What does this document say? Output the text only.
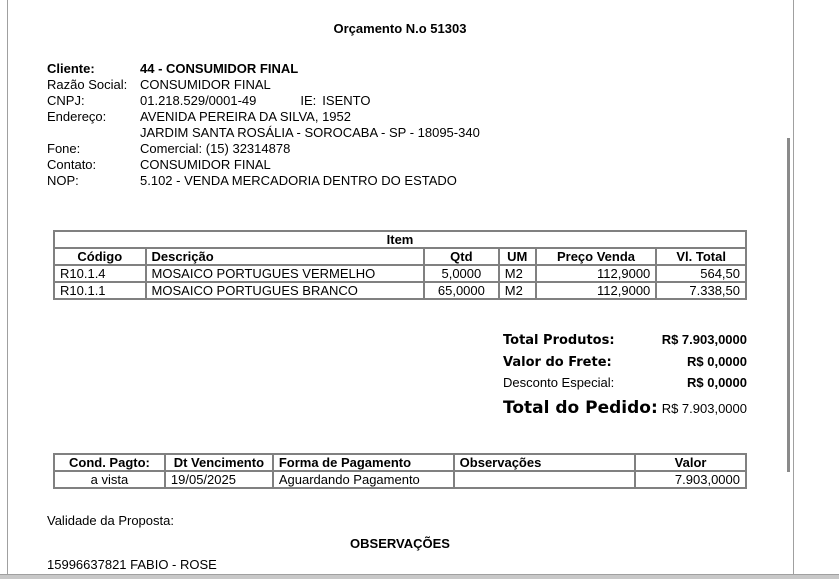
Orçamento N.o 51303
Cliente:	44 - CONSUMIDOR FINAL
Razão Social: CONSUMIDOR FINAL
CNPJ:	01.218.529/0001-49	IE: ISENTO
Endereço:	AVENIDA PEREIRA DA SILVA, 1952
JARDIM SANTA ROSÁLIA - SOROCABA - SP - 18095-340
Fone:	Comercial: (15) 32314878
Contato:	CONSUMIDOR FINAL
NOP:	5.102 - VENDA MERCADORIA DENTRO DO ESTADO
Item					
Código	Descrição	Qtd	UM	Preço Venda	Vl. Total
R10.1.4	MOSAICO PORTUGUES VERMELHO	5,0000	M2	112,9000	564,50
R10.1.1	MOSAICO PORTUGUES BRANCO	65,0000	M2	112,9000	7.338,50
Total Produtos:	R$ 7.903,0000
Valor do Frete:	R$ 0,0000
Desconto Especial:	R$ 0,0000
Total do Pedido: R$ 7.903,0000
Cond. Pagto:	Dt Vencimento	Forma de Pagamento	Observações	Valor
a vista	19/05/2025	Aguardando Pagamento		7.903,0000
Validade da Proposta:
OBSERVAÇÕES
15996637821 FABIO - ROSE
